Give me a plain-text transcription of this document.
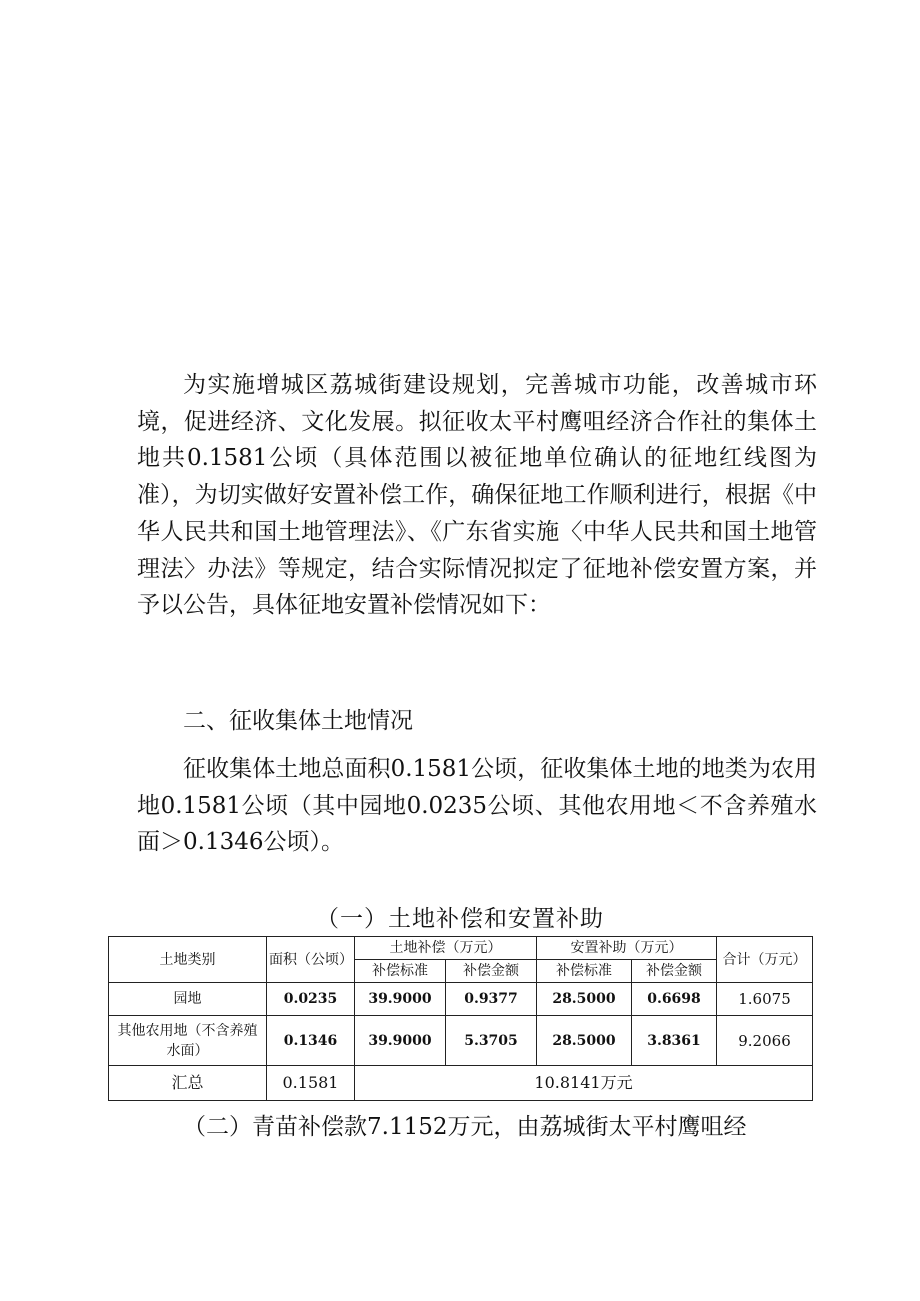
为实施增城区荔城街建设规划，完善城市功能，改善城市环境，促进经济、文化发展。拟征收太平村鹰咀经济合作社的集体土地共0.1581公顷（具体范围以被征地单位确认的征地红线图为准），为切实做好安置补偿工作，确保征地工作顺利进行，根据《中华人民共和国土地管理法》、《广东省实施〈中华人民共和国土地管理法〉办法》等规定，结合实际情况拟定了征地补偿安置方案，并予以公告，具体征地安置补偿情况如下：

二、征收集体土地情况

征收集体土地总面积0.1581公顷，征收集体土地的地类为农用地0.1581公顷（其中园地0.0235公顷、其他农用地＜不含养殖水面＞0.1346公顷）。

（一）土地补偿和安置补助
土地类别	面积（公顷）	土地补偿（万元）		安置补助（万元）		合计（万元）
		补偿标准	补偿金额	补偿标准	补偿金额	
园地	0.0235	39.9000	0.9377	28.5000	0.6698	1.6075
其他农用地（不含养殖水面）	0.1346	39.9000	5.3705	28.5000	3.8361	9.2066
汇总	0.1581	10.8141万元				

（二）青苗补偿款7.1152万元，由荔城街太平村鹰咀经
